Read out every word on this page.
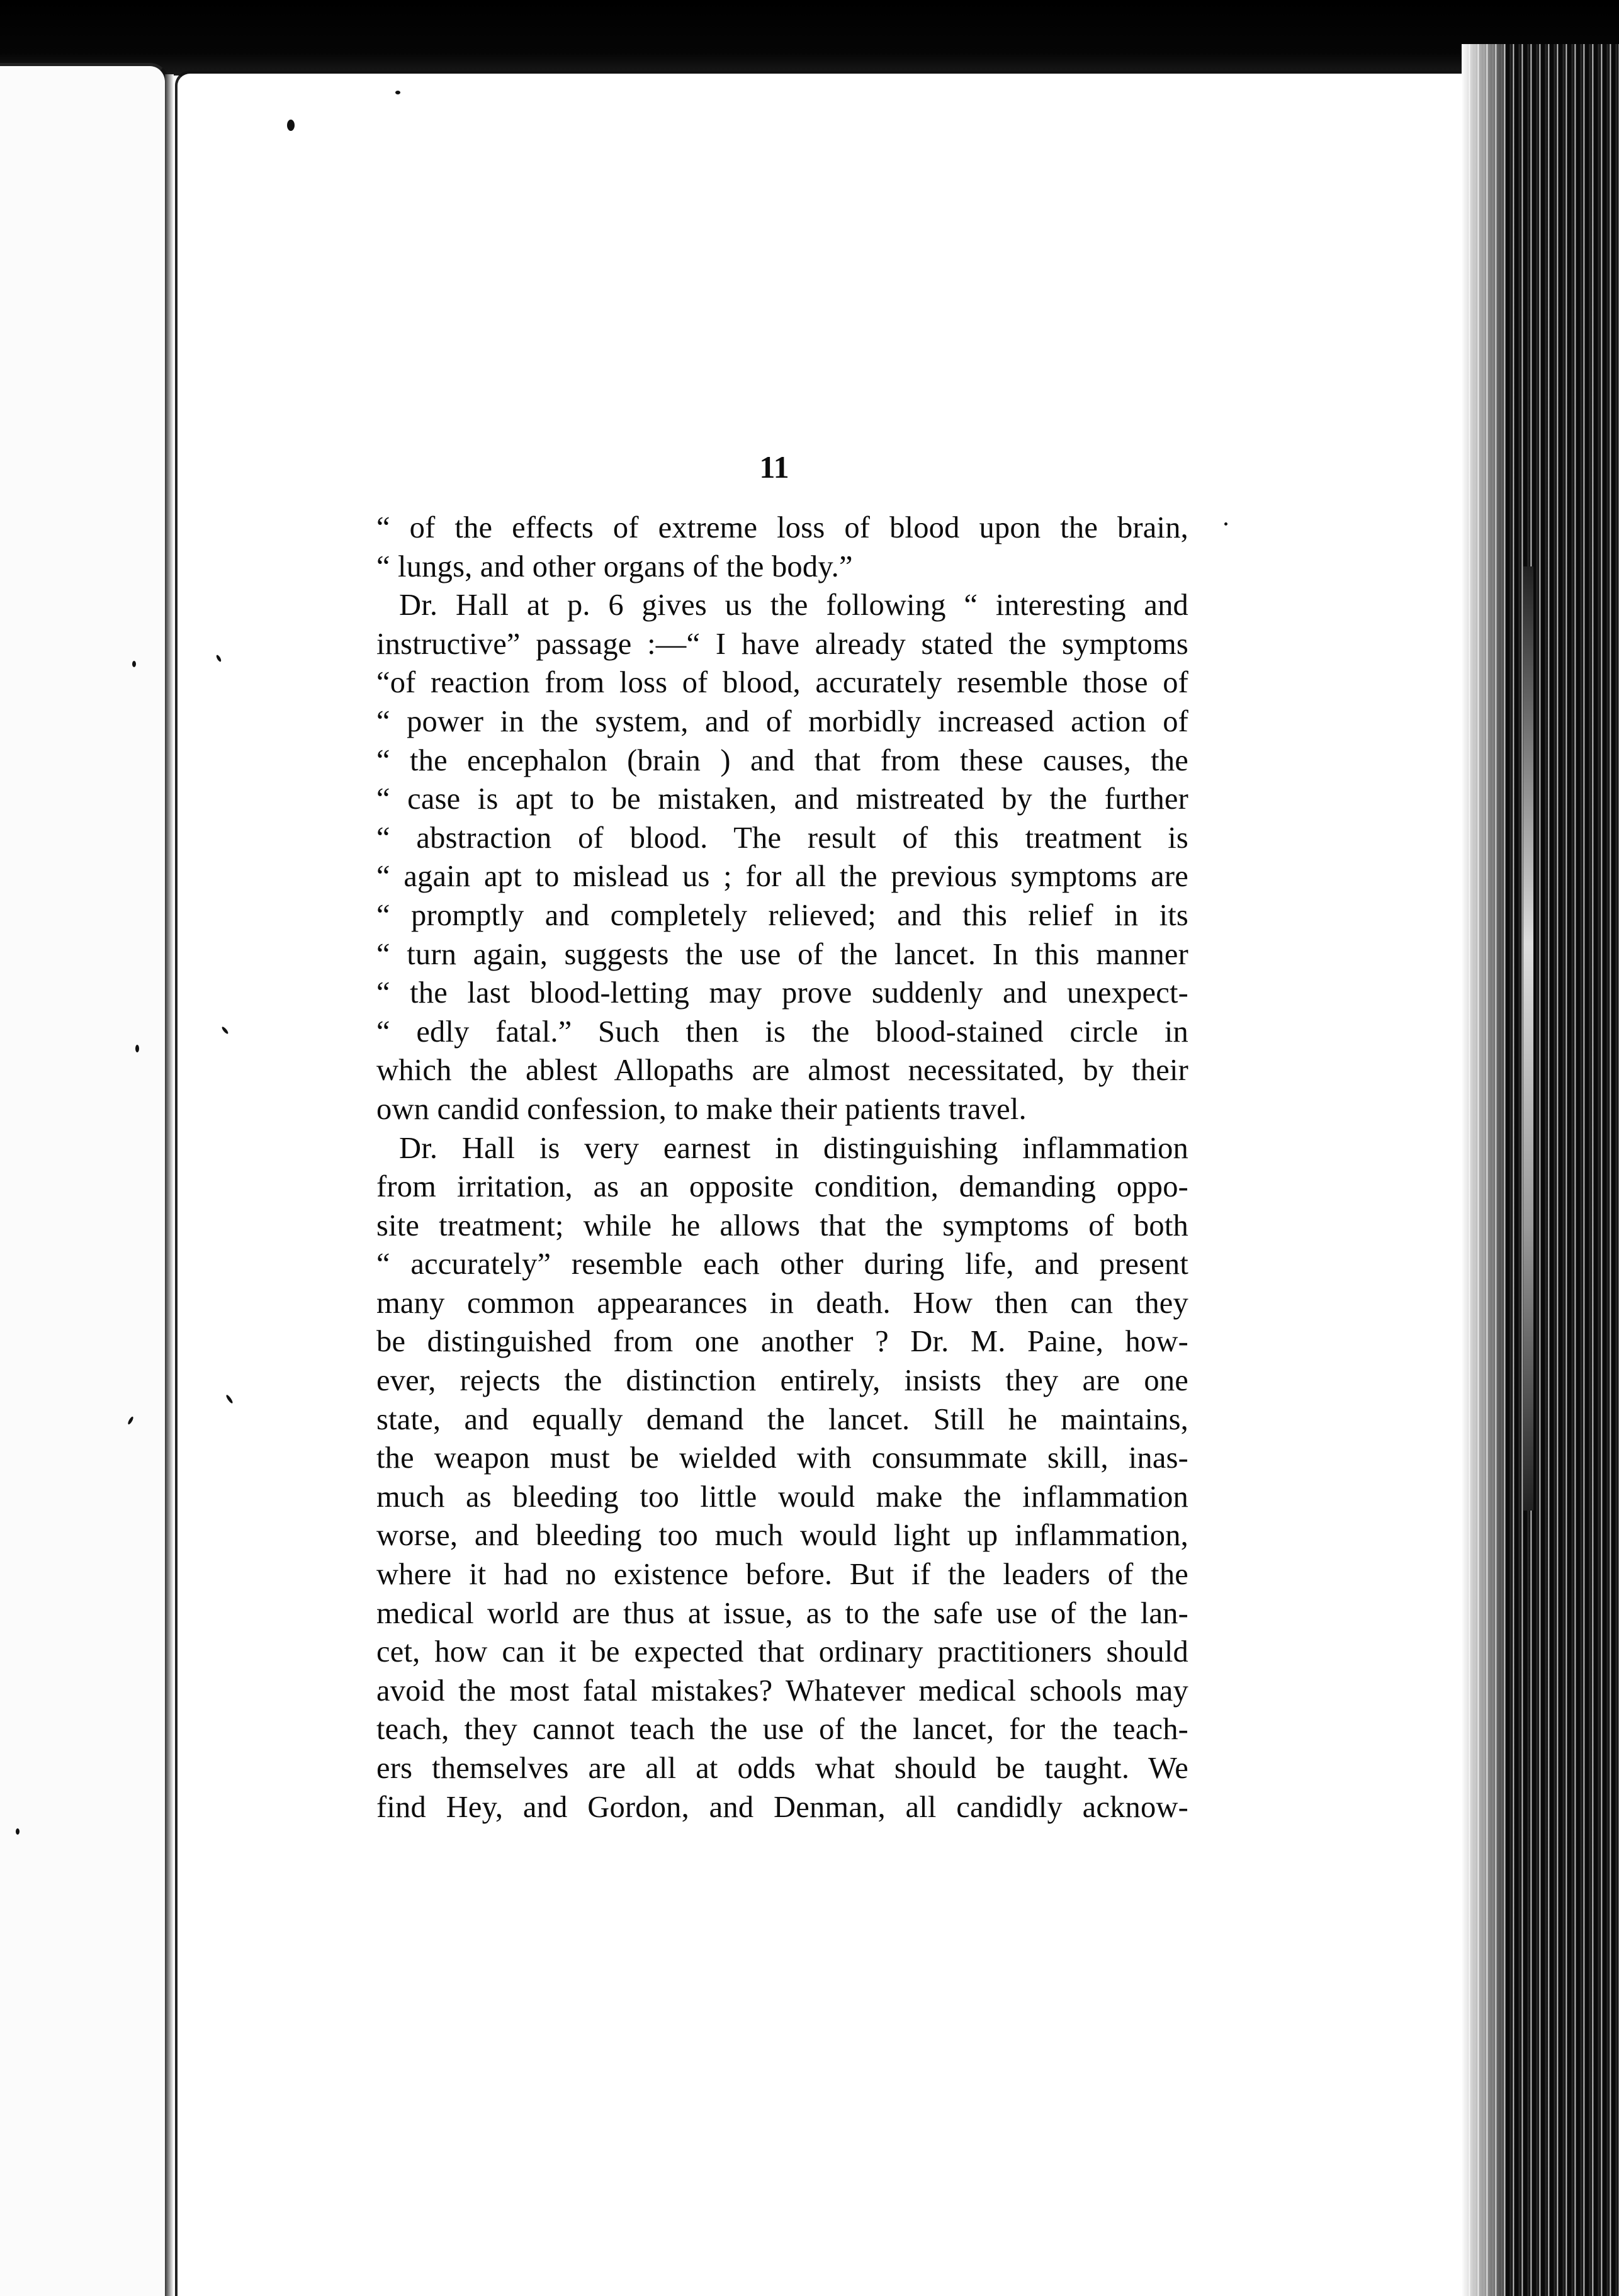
11
“ of the effects of extreme loss of blood upon the brain,
“ lungs, and other organs of the body.”
Dr. Hall at p. 6 gives us the following “ interesting and
instructive” passage :—“ I have already stated the symptoms
“of reaction from loss of blood, accurately resemble those of
“ power in the system, and of morbidly increased action of
“ the encephalon (brain ) and that from these causes, the
“ case is apt to be mistaken, and mistreated by the further
“ abstraction of blood. The result of this treatment is
“ again apt to mislead us ; for all the previous symptoms are
“ promptly and completely relieved; and this relief in its
“ turn again, suggests the use of the lancet. In this manner
“ the last blood-letting may prove suddenly and unexpect-
“ edly fatal.” Such then is the blood-stained circle in
which the ablest Allopaths are almost necessitated, by their
own candid confession, to make their patients travel.
Dr. Hall is very earnest in distinguishing inflammation
from irritation, as an opposite condition, demanding oppo-
site treatment; while he allows that the symptoms of both
“ accurately” resemble each other during life, and present
many common appearances in death. How then can they
be distinguished from one another ? Dr. M. Paine, how-
ever, rejects the distinction entirely, insists they are one
state, and equally demand the lancet. Still he maintains,
the weapon must be wielded with consummate skill, inas-
much as bleeding too little would make the inflammation
worse, and bleeding too much would light up inflammation,
where it had no existence before. But if the leaders of the
medical world are thus at issue, as to the safe use of the lan-
cet, how can it be expected that ordinary practitioners should
avoid the most fatal mistakes? Whatever medical schools may
teach, they cannot teach the use of the lancet, for the teach-
ers themselves are all at odds what should be taught. We
find Hey, and Gordon, and Denman, all candidly acknow-
